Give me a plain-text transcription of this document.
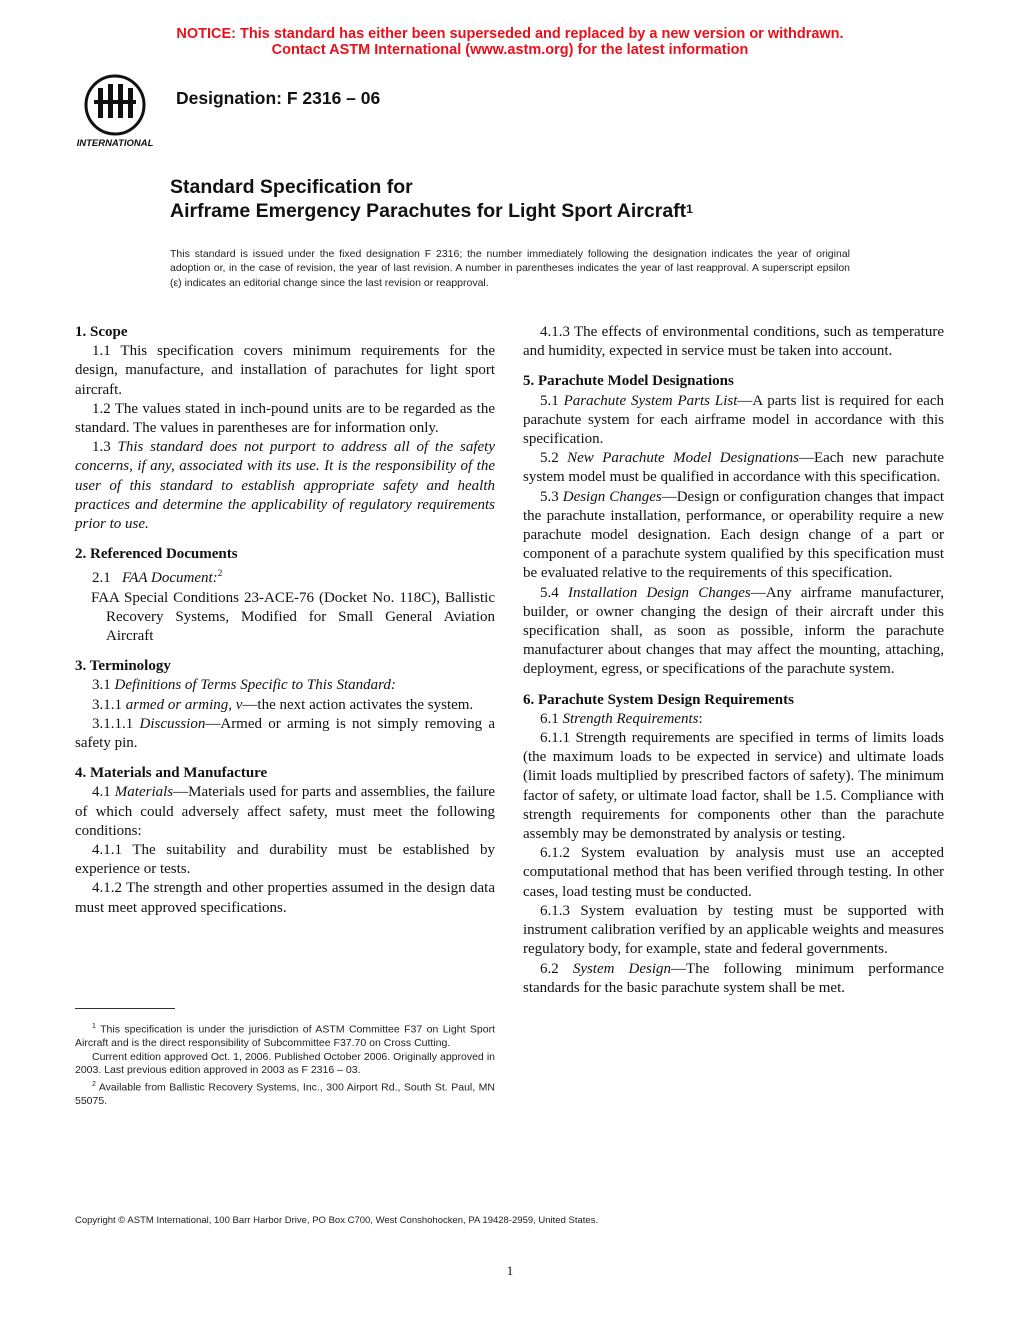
NOTICE: This standard has either been superseded and replaced by a new version or withdrawn.
Contact ASTM International (www.astm.org) for the latest information
INTERNATIONAL
Designation: F 2316 – 06
Standard Specification for
Airframe Emergency Parachutes for Light Sport Aircraft$^1$
This standard is issued under the fixed designation F 2316; the number immediately following the designation indicates the year of original adoption or, in the case of revision, the year of last revision. A number in parentheses indicates the year of last reapproval. A superscript epsilon (ε) indicates an editorial change since the last revision or reapproval.
1. Scope

1.1 This specification covers minimum requirements for the design, manufacture, and installation of parachutes for light sport aircraft.

1.2 The values stated in inch-pound units are to be regarded as the standard. The values in parentheses are for information only.

1.3 This standard does not purport to address all of the safety concerns, if any, associated with its use. It is the responsibility of the user of this standard to establish appropriate safety and health practices and determine the applicability of regulatory requirements prior to use.

2. Referenced Documents

2.1 FAA Document:$^2$

FAA Special Conditions 23-ACE-76 (Docket No. 118C), Ballistic Recovery Systems, Modified for Small General Aviation Aircraft

3. Terminology

3.1 Definitions of Terms Specific to This Standard:

3.1.1 armed or arming, v—the next action activates the system.

3.1.1.1 Discussion—Armed or arming is not simply removing a safety pin.

4. Materials and Manufacture

4.1 Materials—Materials used for parts and assemblies, the failure of which could adversely affect safety, must meet the following conditions:

4.1.1 The suitability and durability must be established by experience or tests.

4.1.2 The strength and other properties assumed in the design data must meet approved specifications.

4.1.3 The effects of environmental conditions, such as temperature and humidity, expected in service must be taken into account.

5. Parachute Model Designations

5.1 Parachute System Parts List—A parts list is required for each parachute system for each airframe model in accordance with this specification.

5.2 New Parachute Model Designations—Each new parachute system model must be qualified in accordance with this specification.

5.3 Design Changes—Design or configuration changes that impact the parachute installation, performance, or operability require a new parachute model designation. Each design change of a part or component of a parachute system qualified by this specification must be evaluated relative to the requirements of this specification.

5.4 Installation Design Changes—Any airframe manufacturer, builder, or owner changing the design of their aircraft under this specification shall, as soon as possible, inform the parachute manufacturer about changes that may affect the mounting, attaching, deployment, egress, or specifications of the parachute system.

6. Parachute System Design Requirements

6.1 Strength Requirements:

6.1.1 Strength requirements are specified in terms of limits loads (the maximum loads to be expected in service) and ultimate loads (limit loads multiplied by prescribed factors of safety). The minimum factor of safety, or ultimate load factor, shall be 1.5. Compliance with strength requirements for components other than the parachute assembly may be demonstrated by analysis or testing.

6.1.2 System evaluation by analysis must use an accepted computational method that has been verified through testing. In other cases, load testing must be conducted.

6.1.3 System evaluation by testing must be supported with instrument calibration verified by an applicable weights and measures regulatory body, for example, state and federal governments.

6.2 System Design—The following minimum performance standards for the basic parachute system shall be met.

$^1$ This specification is under the jurisdiction of ASTM Committee F37 on Light Sport Aircraft and is the direct responsibility of Subcommittee F37.70 on Cross Cutting.

Current edition approved Oct. 1, 2006. Published October 2006. Originally approved in 2003. Last previous edition approved in 2003 as F 2316 – 03.

$^2$ Available from Ballistic Recovery Systems, Inc., 300 Airport Rd., South St. Paul, MN 55075.

Copyright © ASTM International, 100 Barr Harbor Drive, PO Box C700, West Conshohocken, PA 19428-2959, United States.
1
